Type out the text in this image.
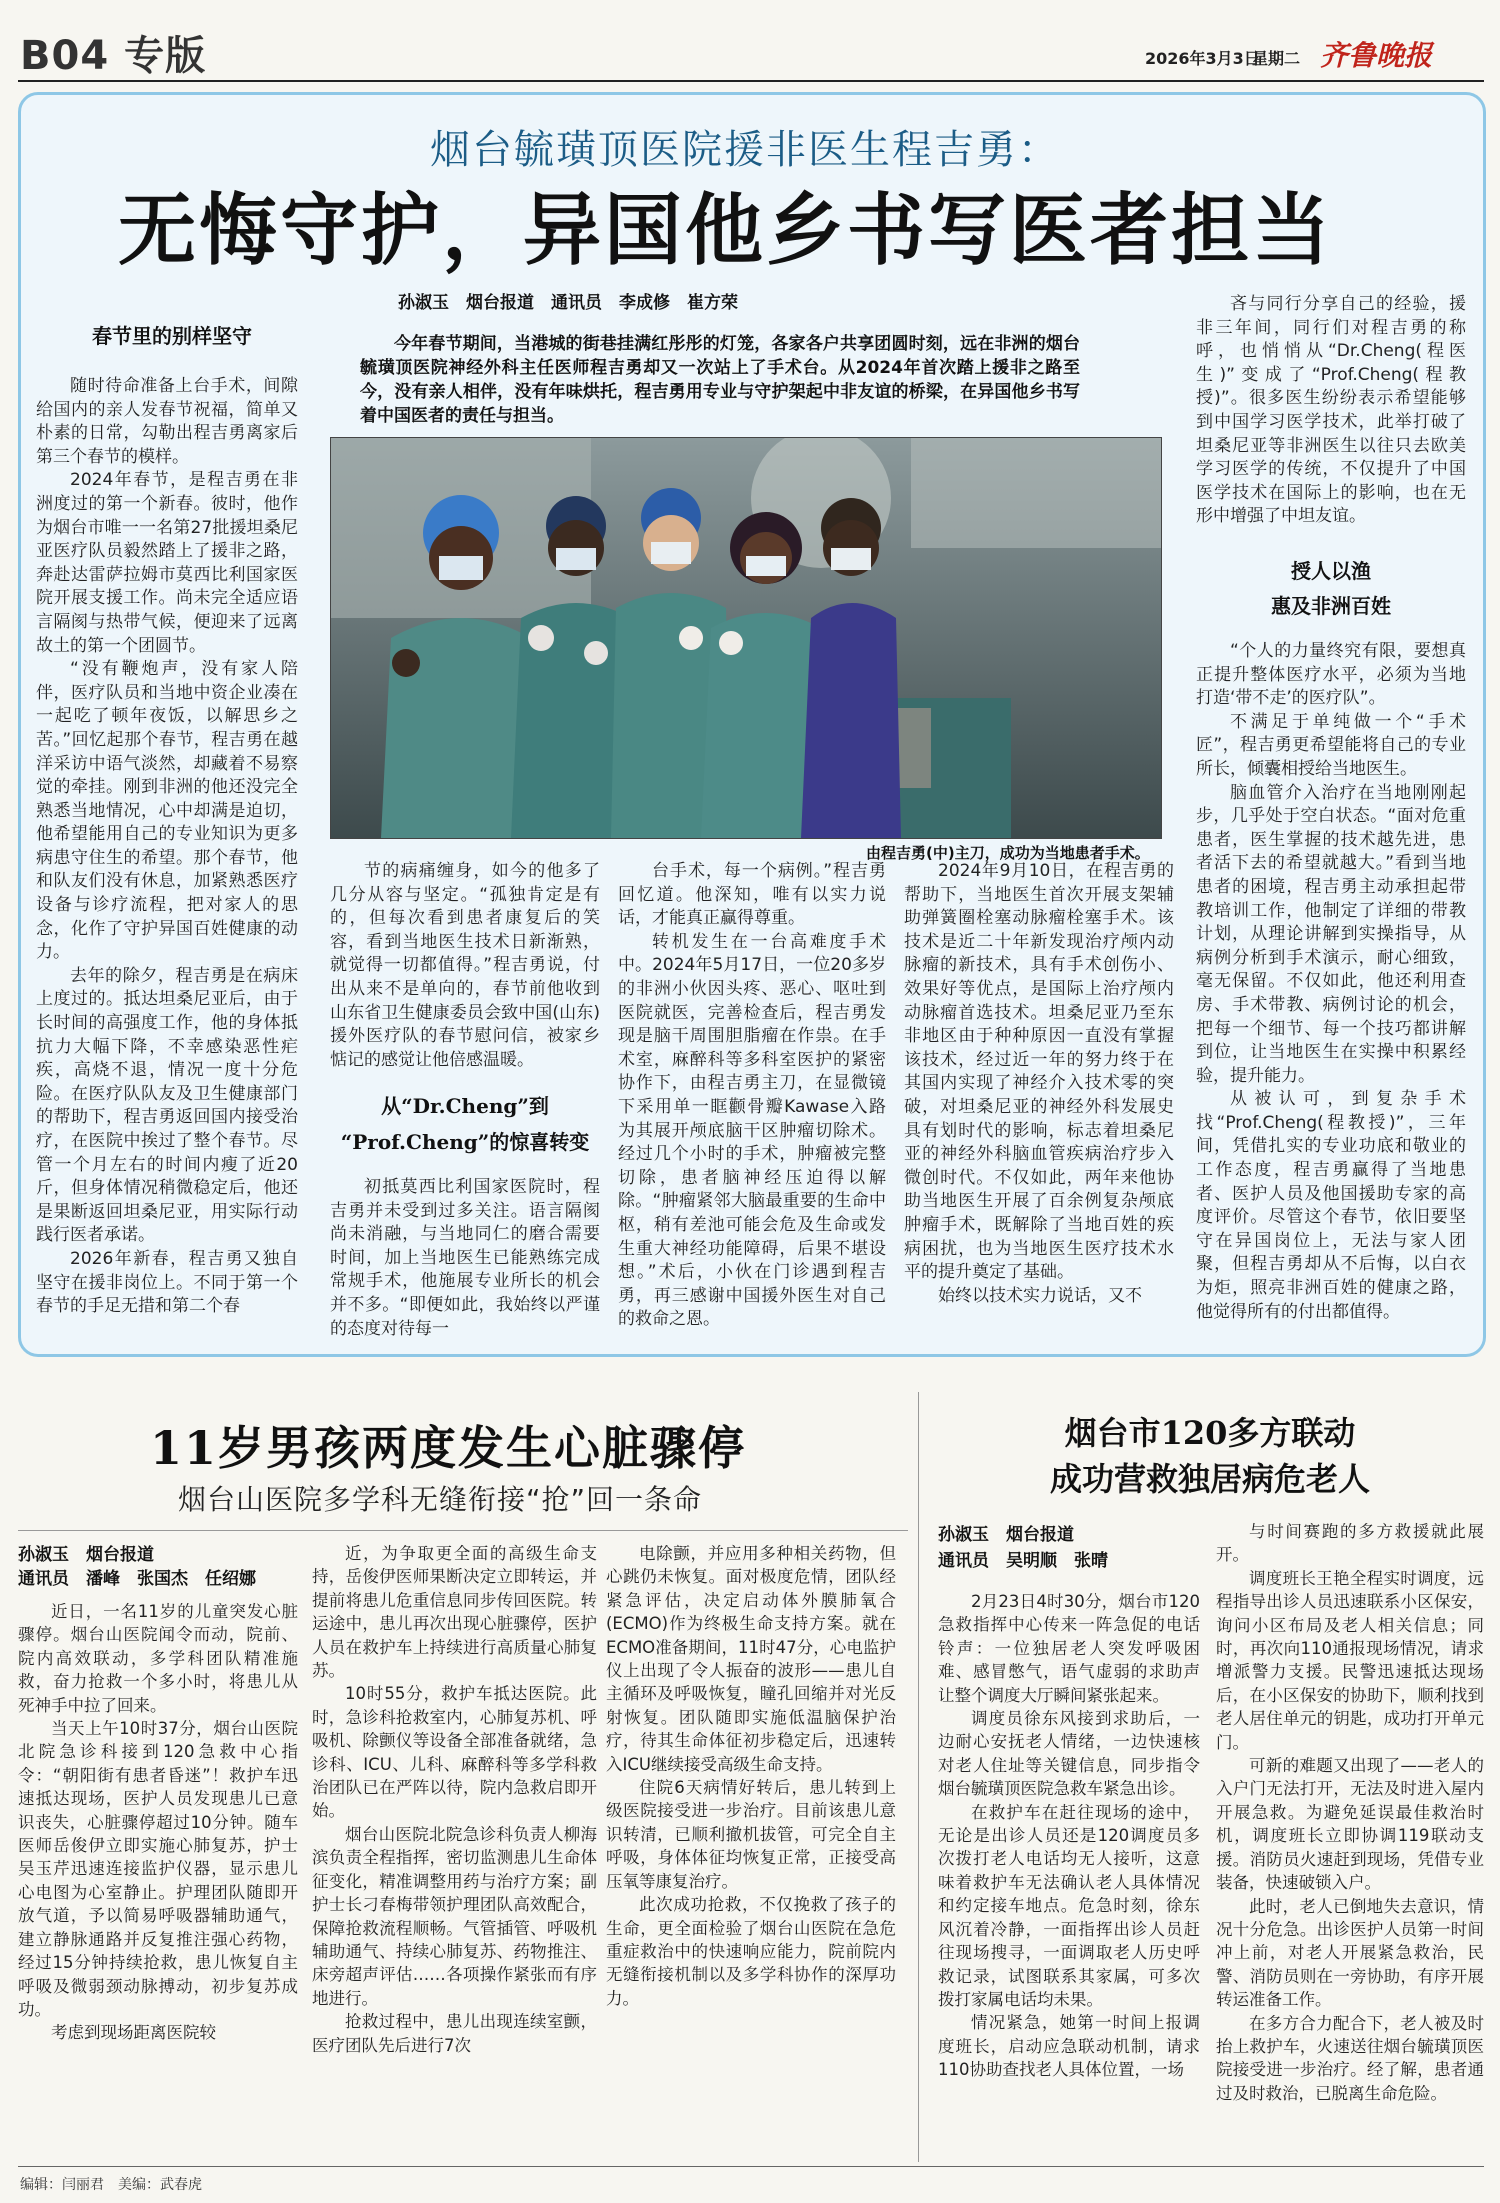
B04 专版	2026年3月3日
星期二 齐鲁晚报
烟台毓璜顶医院援非医生程吉勇：
无悔守护，异国他乡书写医者担当
孙淑玉　烟台报道　通讯员　李成修　崔方荣
春节里的别样坚守

随时待命准备上台手术，间隙给国内的亲人发春节祝福，简单又朴素的日常，勾勒出程吉勇离家后第三个春节的模样。

2024年春节，是程吉勇在非洲度过的第一个新春。彼时，他作为烟台市唯一一名第27批援坦桑尼亚医疗队员毅然踏上了援非之路，奔赴达雷萨拉姆市莫西比利国家医院开展支援工作。尚未完全适应语言隔阂与热带气候，便迎来了远离故土的第一个团圆节。

“没有鞭炮声，没有家人陪伴，医疗队员和当地中资企业凑在一起吃了顿年夜饭，以解思乡之苦。”回忆起那个春节，程吉勇在越洋采访中语气淡然，却藏着不易察觉的牵挂。刚到非洲的他还没完全熟悉当地情况，心中却满是迫切，他希望能用自己的专业知识为更多病患守住生的希望。那个春节，他和队友们没有休息，加紧熟悉医疗设备与诊疗流程，把对家人的思念，化作了守护异国百姓健康的动力。

去年的除夕，程吉勇是在病床上度过的。抵达坦桑尼亚后，由于长时间的高强度工作，他的身体抵抗力大幅下降，不幸感染恶性疟疾，高烧不退，情况一度十分危险。在医疗队队友及卫生健康部门的帮助下，程吉勇返回国内接受治疗，在医院中挨过了整个春节。尽管一个月左右的时间内瘦了近20斤，但身体情况稍微稳定后，他还是果断返回坦桑尼亚，用实际行动践行医者承诺。

2026年新春，程吉勇又独自坚守在援非岗位上。不同于第一个春节的手足无措和第二个春

今年春节期间，当港城的街巷挂满红彤彤的灯笼，各家各户共享团圆时刻，远在非洲的烟台毓璜顶医院神经外科主任医师程吉勇却又一次站上了手术台。从2024年首次踏上援非之路至今，没有亲人相伴，没有年味烘托，程吉勇用专业与守护架起中非友谊的桥梁，在异国他乡书写着中国医者的责任与担当。
由程吉勇(中)主刀，成功为当地患者手术。

节的病痛缠身，如今的他多了几分从容与坚定。“孤独肯定是有的，但每次看到患者康复后的笑容，看到当地医生技术日新渐熟，就觉得一切都值得。”程吉勇说，付出从来不是单向的，春节前他收到山东省卫生健康委员会致中国(山东)援外医疗队的春节慰问信，被家乡惦记的感觉让他倍感温暖。

从“Dr.Cheng”到
“Prof.Cheng”的惊喜转变

初抵莫西比利国家医院时，程吉勇并未受到过多关注。语言隔阂尚未消融，与当地同仁的磨合需要时间，加上当地医生已能熟练完成常规手术，他施展专业所长的机会并不多。“即便如此，我始终以严谨的态度对待每一

台手术，每一个病例。”程吉勇回忆道。他深知，唯有以实力说话，才能真正赢得尊重。

转机发生在一台高难度手术中。2024年5月17日，一位20多岁的非洲小伙因头疼、恶心、呕吐到医院就医，完善检查后，程吉勇发现是脑干周围胆脂瘤在作祟。在手术室，麻醉科等多科室医护的紧密协作下，由程吉勇主刀，在显微镜下采用单一眶颧骨瓣Kawase入路为其展开颅底脑干区肿瘤切除术。经过几个小时的手术，肿瘤被完整切除，患者脑神经压迫得以解除。“肿瘤紧邻大脑最重要的生命中枢，稍有差池可能会危及生命或发生重大神经功能障碍，后果不堪设想。”术后，小伙在门诊遇到程吉勇，再三感谢中国援外医生对自己的救命之恩。

2024年9月10日，在程吉勇的帮助下，当地医生首次开展支架辅助弹簧圈栓塞动脉瘤栓塞手术。该技术是近二十年新发现治疗颅内动脉瘤的新技术，具有手术创伤小、效果好等优点，是国际上治疗颅内动脉瘤首选技术。坦桑尼亚乃至东非地区由于种种原因一直没有掌握该技术，经过近一年的努力终于在其国内实现了神经介入技术零的突破，对坦桑尼亚的神经外科发展史具有划时代的影响，标志着坦桑尼亚的神经外科脑血管疾病治疗步入微创时代。不仅如此，两年来他协助当地医生开展了百余例复杂颅底肿瘤手术，既解除了当地百姓的疾病困扰，也为当地医生医疗技术水平的提升奠定了基础。

始终以技术实力说话，又不

吝与同行分享自己的经验，援非三年间，同行们对程吉勇的称呼，也悄悄从“Dr.Cheng(程医生)”变成了“Prof.Cheng(程教授)”。很多医生纷纷表示希望能够到中国学习医学技术，此举打破了坦桑尼亚等非洲医生以往只去欧美学习医学的传统，不仅提升了中国医学技术在国际上的影响，也在无形中增强了中坦友谊。

授人以渔
惠及非洲百姓

“个人的力量终究有限，要想真正提升整体医疗水平，必须为当地打造‘带不走’的医疗队”。

不满足于单纯做一个“手术匠”，程吉勇更希望能将自己的专业所长，倾囊相授给当地医生。

脑血管介入治疗在当地刚刚起步，几乎处于空白状态。“面对危重患者，医生掌握的技术越先进，患者活下去的希望就越大。”看到当地患者的困境，程吉勇主动承担起带教培训工作，他制定了详细的带教计划，从理论讲解到实操指导，从病例分析到手术演示，耐心细致，毫无保留。不仅如此，他还利用查房、手术带教、病例讨论的机会，把每一个细节、每一个技巧都讲解到位，让当地医生在实操中积累经验，提升能力。

从被认可，到复杂手术找“Prof.Cheng(程教授)”，三年间，凭借扎实的专业功底和敬业的工作态度，程吉勇赢得了当地患者、医护人员及他国援助专家的高度评价。尽管这个春节，依旧要坚守在异国岗位上，无法与家人团聚，但程吉勇却从不后悔，以白衣为炬，照亮非洲百姓的健康之路，他觉得所有的付出都值得。

11岁男孩两度发生心脏骤停
烟台山医院多学科无缝衔接“抢”回一条命
孙淑玉　烟台报道
通讯员　潘峰　张国杰　任绍娜

近日，一名11岁的儿童突发心脏骤停。烟台山医院闻令而动，院前、院内高效联动，多学科团队精准施救，奋力抢救一个多小时，将患儿从死神手中拉了回来。

当天上午10时37分，烟台山医院北院急诊科接到120急救中心指令：“朝阳街有患者昏迷”！救护车迅速抵达现场，医护人员发现患儿已意识丧失，心脏骤停超过10分钟。随车医师岳俊伊立即实施心肺复苏，护士吴玉芹迅速连接监护仪器，显示患儿心电图为心室静止。护理团队随即开放气道，予以简易呼吸器辅助通气，建立静脉通路并反复推注强心药物，经过15分钟持续抢救，患儿恢复自主呼吸及微弱颈动脉搏动，初步复苏成功。

考虑到现场距离医院较

近，为争取更全面的高级生命支持，岳俊伊医师果断决定立即转运，并提前将患儿危重信息同步传回医院。转运途中，患儿再次出现心脏骤停，医护人员在救护车上持续进行高质量心肺复苏。

10时55分，救护车抵达医院。此时，急诊科抢救室内，心肺复苏机、呼吸机、除颤仪等设备全部准备就绪，急诊科、ICU、儿科、麻醉科等多学科救治团队已在严阵以待，院内急救启即开始。

烟台山医院北院急诊科负责人柳海滨负责全程指挥，密切监测患儿生命体征变化，精准调整用药与治疗方案；副护士长刁春梅带领护理团队高效配合，保障抢救流程顺畅。气管插管、呼吸机辅助通气、持续心肺复苏、药物推注、床旁超声评估……各项操作紧张而有序地进行。

抢救过程中，患儿出现连续室颤，医疗团队先后进行7次

电除颤，并应用多种相关药物，但心跳仍未恢复。面对极度危情，团队经紧急评估，决定启动体外膜肺氧合(ECMO)作为终极生命支持方案。就在ECMO准备期间，11时47分，心电监护仪上出现了令人振奋的波形——患儿自主循环及呼吸恢复，瞳孔回缩并对光反射恢复。团队随即实施低温脑保护治疗，待其生命体征初步稳定后，迅速转入ICU继续接受高级生命支持。

住院6天病情好转后，患儿转到上级医院接受进一步治疗。目前该患儿意识转清，已顺利撤机拔管，可完全自主呼吸，身体体征均恢复正常，正接受高压氧等康复治疗。

此次成功抢救，不仅挽救了孩子的生命，更全面检验了烟台山医院在急危重症救治中的快速响应能力，院前院内无缝衔接机制以及多学科协作的深厚功力。

烟台市120多方联动
成功营救独居病危老人
孙淑玉　烟台报道
通讯员　吴明顺　张晴

2月23日4时30分，烟台市120急救指挥中心传来一阵急促的电话铃声：一位独居老人突发呼吸困难、感冒憋气，语气虚弱的求助声让整个调度大厅瞬间紧张起来。

调度员徐东风接到求助后，一边耐心安抚老人情绪，一边快速核对老人住址等关键信息，同步指令烟台毓璜顶医院急救车紧急出诊。

在救护车在赶往现场的途中，无论是出诊人员还是120调度员多次拨打老人电话均无人接听，这意味着救护车无法确认老人具体情况和约定接车地点。危急时刻，徐东风沉着冷静，一面指挥出诊人员赶往现场搜寻，一面调取老人历史呼救记录，试图联系其家属，可多次拨打家属电话均未果。

情况紧急，她第一时间上报调度班长，启动应急联动机制，请求110协助查找老人具体位置，一场

与时间赛跑的多方救援就此展开。

调度班长王艳全程实时调度，远程指导出诊人员迅速联系小区保安，询问小区布局及老人相关信息；同时，再次向110通报现场情况，请求增派警力支援。民警迅速抵达现场后，在小区保安的协助下，顺利找到老人居住单元的钥匙，成功打开单元门。

可新的难题又出现了——老人的入户门无法打开，无法及时进入屋内开展急救。为避免延误最佳救治时机，调度班长立即协调119联动支援。消防员火速赶到现场，凭借专业装备，快速破锁入户。

此时，老人已倒地失去意识，情况十分危急。出诊医护人员第一时间冲上前，对老人开展紧急救治，民警、消防员则在一旁协助，有序开展转运准备工作。

在多方合力配合下，老人被及时抬上救护车，火速送往烟台毓璜顶医院接受进一步治疗。经了解，患者通过及时救治，已脱离生命危险。

编辑：闫丽君　美编：武春虎
